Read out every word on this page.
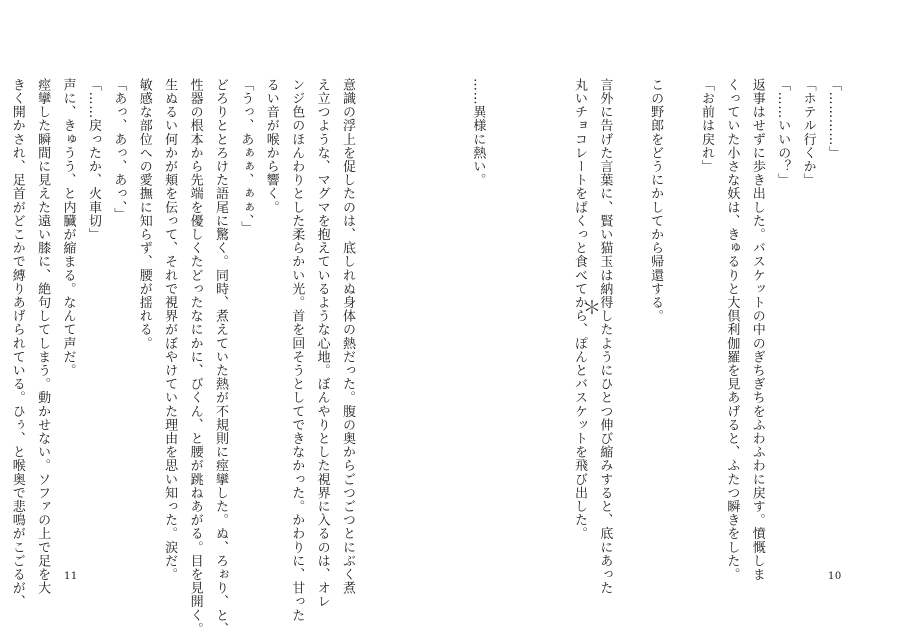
意識の浮上を促したのは、底しれぬ身体の熱だった。腹の奥からごつごつとにぶく煮
え立つような、マグマを抱えているような心地。ぼんやりとした視界に入るのは、オレ
ンジ色のほんわりとした柔らかい光。首を回そうとしてできなかった。かわりに、甘った
るい音が喉から響く。
「うっ、あぁぁ、ぁぁ、」
どろりととろけた語尾に驚く。同時、煮えていた熱が不規則に痙攣した。ぬ、ろぉり、と、
性器の根本から先端を優しくたどったなにかに、びくん、と腰が跳ねあがる。目を見開く。
生ぬるい何かが頬を伝って、それで視界がぼやけていた理由を思い知った。涙だ。
敏感な部位への愛撫に知らず、腰が揺れる。
「あっ、あっ、あっ、」
「……戻ったか、火車切」
声に、きゅうう、と内臓が縮まる。なんて声だ。
痙攣した瞬間に見えた遠い膝に、絶句してしまう。動かせない。ソファの上で足を大
きく開かされ、足首がどこかで縛りあげられている。ひぅ、と喉奥で悲鳴がこごるが、	11
「…………」
「ホテル行くか」
「……いいの？」
返事はせずに歩き出した。バスケットの中のぎちぎちをふわふわに戻す。憤慨しま
くっていた小さな妖は、きゅるりと大倶利伽羅を見あげると、ふたつ瞬きをした。
「お前は戻れ」

この野郎をどうにかしてから帰還する。

言外に告げた言葉に、賢い猫玉は納得したようにひとつ伸び縮みすると、底にあった
丸いチョコレートをぱくっと食べてから、ぽんとバスケットを飛び出した。

……異様に熱い。
＊
10
